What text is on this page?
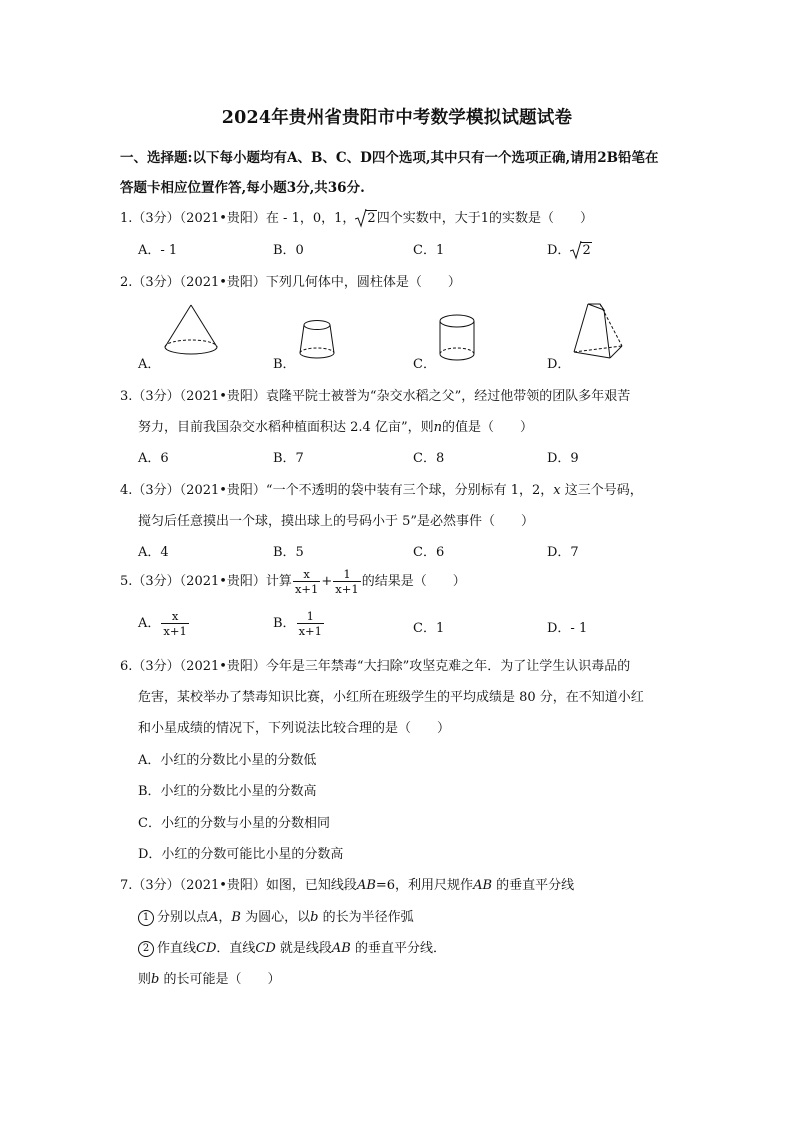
2024年贵州省贵阳市中考数学模拟试题试卷
一、选择题:以下每小题均有A、B、C、D四个选项,其中只有一个选项正确,请用2B铅笔在
答题卡相应位置作答,每小题3分,共36分.
1.（3分）（2021•贵阳）在 - 1，0，1， 2四个实数中，大于1的实数是（　　）
A．- 1	B．0	C．1	D． 2
2.（3分）（2021•贵阳）下列几何体中，圆柱体是（　　）
A．	B．	C．	D．
3.（3分）（2021•贵阳）袁隆平院士被誉为“杂交水稻之父”，经过他带领的团队多年艰苦
努力，目前我国杂交水稻种植面积达 2.4 亿亩”，则n的值是（　　）
A．6	B．7	C．8	D．9
4.（3分）（2021•贵阳）“一个不透明的袋中装有三个球，分别标有 1，2，x 这三个号码，
搅匀后任意摸出一个球，摸出球上的号码小于 5”是必然事件（　　）
A．4	B．5	C．6	D．7
5.（3分）（2021•贵阳）计算 $\frac{x}{x+1} + \frac{1}{x+1}$ 的结果是（　　）
A． $\frac{x}{x+1}$	B． $\frac{1}{x+1}$	C．1	D．- 1
6.（3分）（2021•贵阳）今年是三年禁毒“大扫除”攻坚克难之年．为了让学生认识毒品的
危害，某校举办了禁毒知识比赛，小红所在班级学生的平均成绩是 80 分，在不知道小红
和小星成绩的情况下，下列说法比较合理的是（　　）
A．小红的分数比小星的分数低
B．小红的分数比小星的分数高
C．小红的分数与小星的分数相同
D．小红的分数可能比小星的分数高
7.（3分）（2021•贵阳）如图，已知线段AB=6，利用尺规作AB 的垂直平分线
1 分别以点A，B 为圆心，以b 的长为半径作弧
2 作直线CD．直线CD 就是线段AB 的垂直平分线．
则b 的长可能是（　　）
